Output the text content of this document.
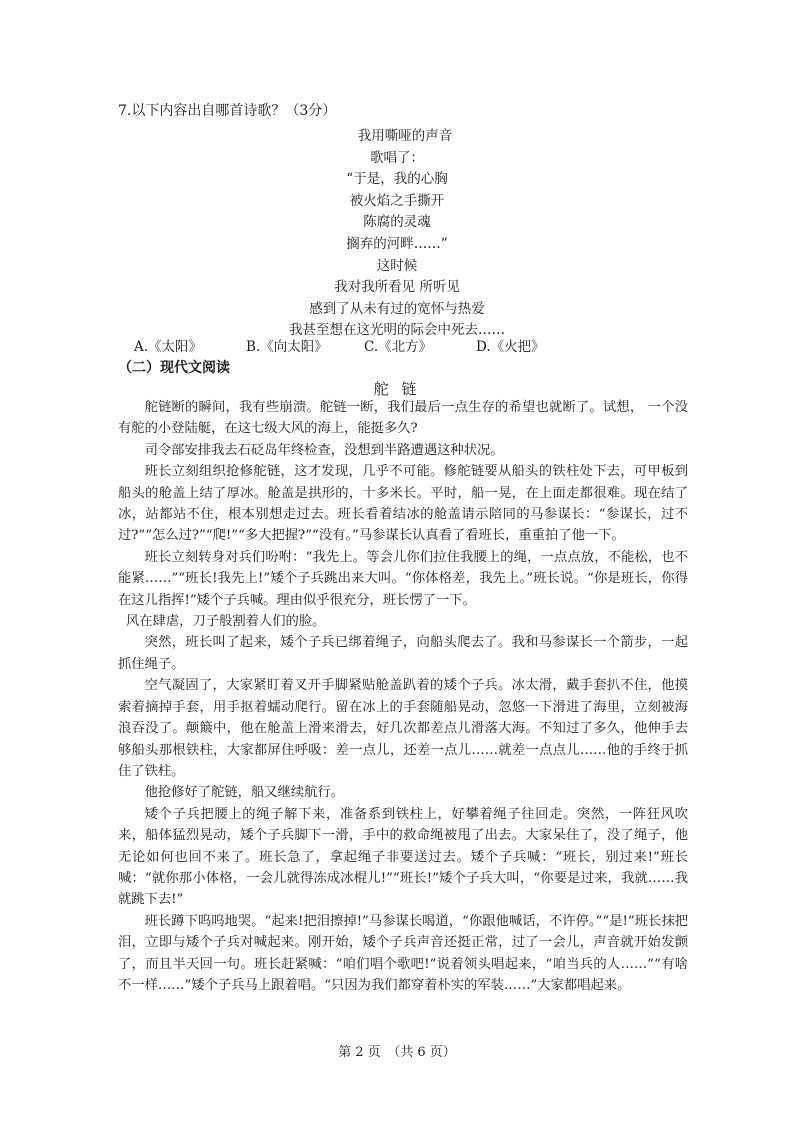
7.以下内容出自哪首诗歌？（3分）
我用嘶哑的声音
歌唱了：
“于是，我的心胸
被火焰之手撕开
陈腐的灵魂
搁弃的河畔……”
这时候
我对我所看见 所听见
感到了从未有过的宽怀与热爱
我甚至想在这光明的际会中死去……
A.《太阳》	B.《向太阳》	C.《北方》	D.《火把》
（二）现代文阅读
舵 链

舵链断的瞬间，我有些崩溃。舵链一断，我们最后一点生存的希望也就断了。试想， 一个没有舵的小登陆艇，在这七级大风的海上，能挺多久?

司令部安排我去石砭岛年终检查，没想到半路遭遇这种状况。

班长立刻组织抢修舵链，这才发现，几乎不可能。修舵链要从船头的铁柱处下去，可甲板到船头的舱盖上结了厚冰。舱盖是拱形的，十多米长。平时，船一晃，在上面走都很难。现在结了冰，站都站不住，根本别想走过去。班长看着结冰的舱盖请示陪同的马参谋长：“参谋长，过不过?”“怎么过?”“爬!”“多大把握?”“没有。”马参谋长认真看了看班长，重重拍了他一下。

班长立刻转身对兵们吩咐：“我先上。等会儿你们拉住我腰上的绳，一点点放，不能松，也不能紧……”“班长!我先上!”矮个子兵跳出来大叫。“你体格差，我先上。”班长说。“你是班长，你得在这儿指挥!”矮个子兵喊。理由似乎很充分，班长愣了一下。

风在肆虐，刀子般割着人们的脸。

突然，班长叫了起来，矮个子兵已绑着绳子，向船头爬去了。我和马参谋长一个箭步，一起抓住绳子。

空气凝固了，大家紧盯着叉开手脚紧贴舱盖趴着的矮个子兵。冰太滑，戴手套扒不住，他摸索着摘掉手套，用手抠着蠕动爬行。留在冰上的手套随船晃动，忽悠一下滑进了海里，立刻被海浪吞没了。颠簸中，他在舱盖上滑来滑去，好几次都差点儿滑落大海。不知过了多久，他伸手去够船头那根铁柱，大家都屏住呼吸：差一点儿，还差一点儿……就差一点点儿……他的手终于抓住了铁柱。

他抢修好了舵链，船又继续航行。

矮个子兵把腰上的绳子解下来，准备系到铁柱上，好攀着绳子往回走。突然，一阵狂风吹来，船体猛烈晃动，矮个子兵脚下一滑，手中的救命绳被甩了出去。大家呆住了，没了绳子，他无论如何也回不来了。班长急了，拿起绳子非要送过去。矮个子兵喊：“班长，别过来!”班长喊：“就你那小体格，一会儿就得冻成冰棍儿!”“班长!”矮个子兵大叫，“你要是过来，我就……我就跳下去!”

班长蹲下呜呜地哭。“起来!把泪擦掉!”马参谋长喝道，“你跟他喊话，不许停。”“是!”班长抹把泪，立即与矮个子兵对喊起来。刚开始，矮个子兵声音还挺正常，过了一会儿，声音就开始发颤了，而且半天回一句。班长赶紧喊：“咱们唱个歌吧!”说着领头唱起来，“咱当兵的人……”“有啥不一样……”矮个子兵马上跟着唱。“只因为我们都穿着朴实的军装……”大家都唱起来。

第 2 页　（共 6 页）
